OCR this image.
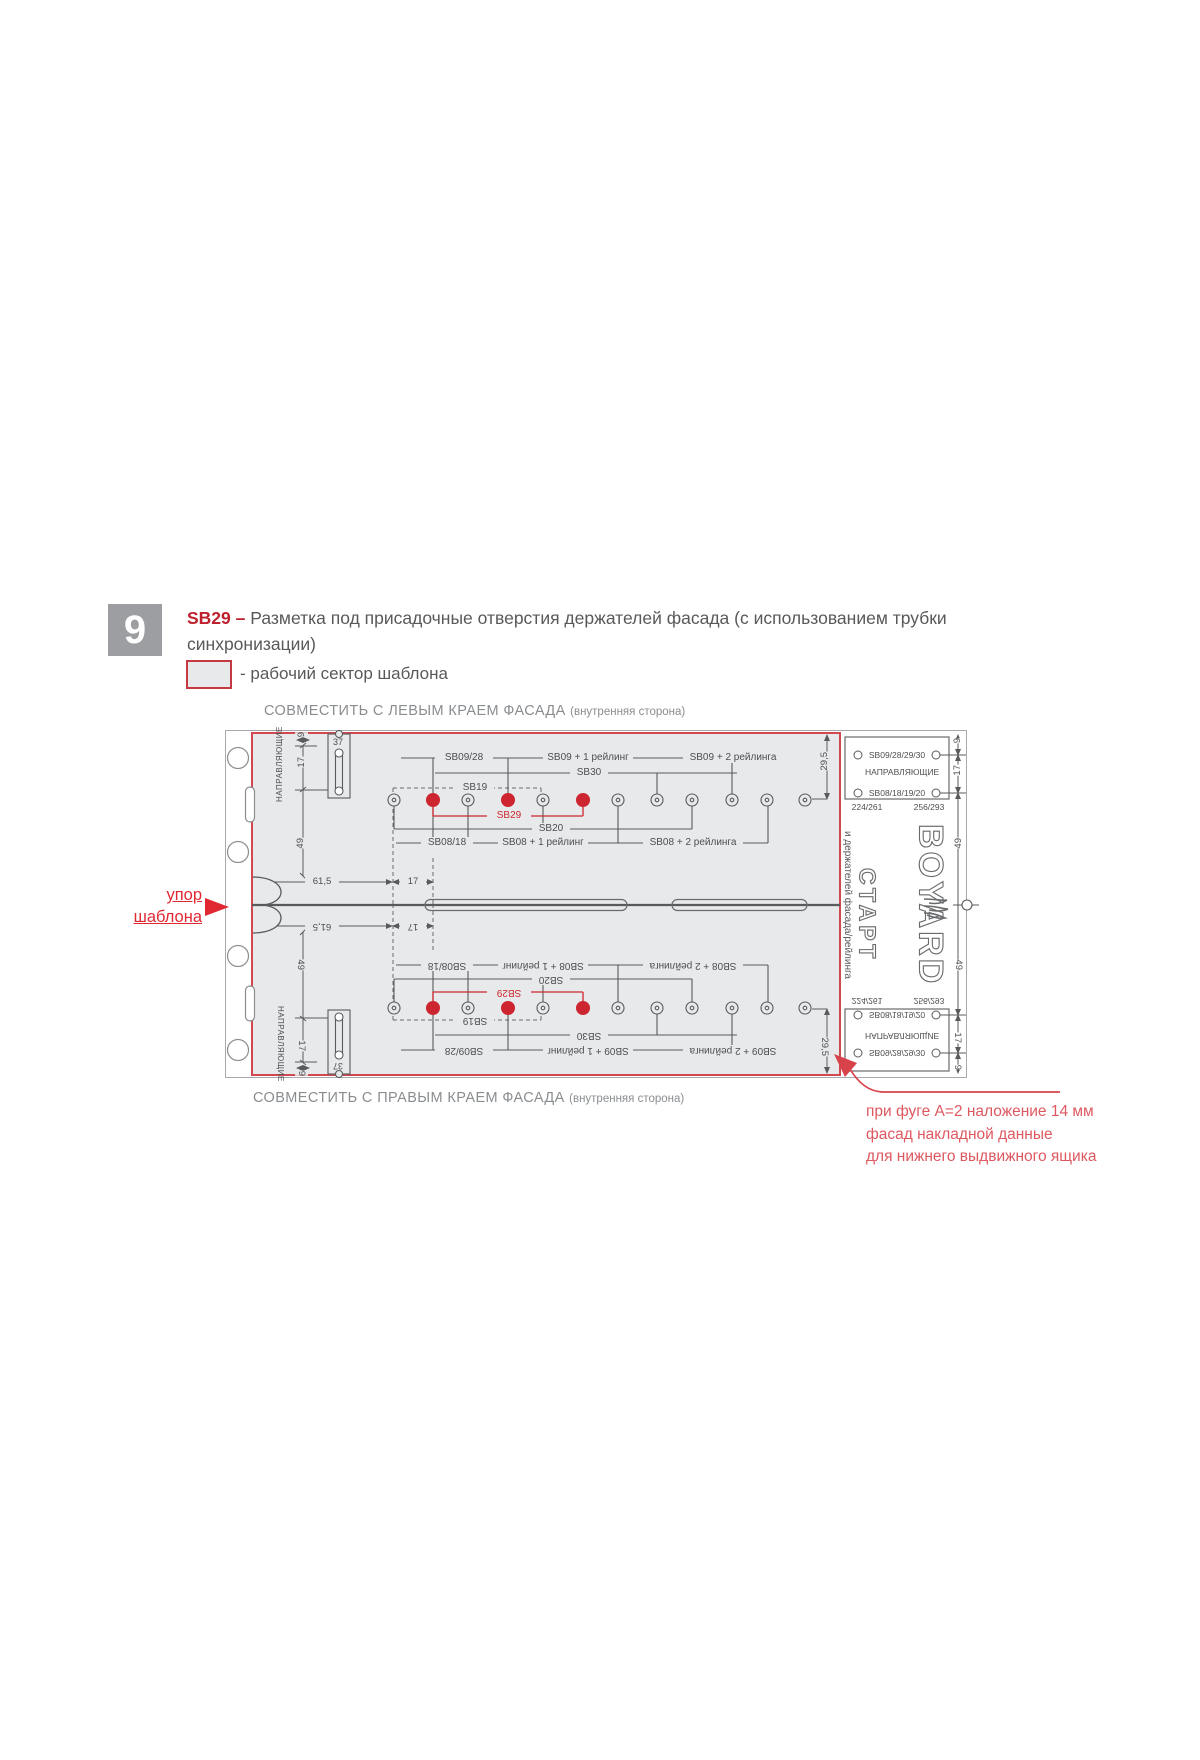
9	SB29 – Разметка под присадочные отверстия держателей фасада (с использованием трубки
синхронизации)
- рабочий сектор шаблона
СОВМЕСТИТЬ С ЛЕВЫМ КРАЕМ ФАСАДА (внутренняя сторона)
СОВМЕСТИТЬ С ПРАВЫМ КРАЕМ ФАСАДА (внутренняя сторона)
SB09/28	SB09 + 1 рейлинг	SB09 + 2 рейлинга
SB30
SB19
SB29
SB20
SB08/18	SB08 + 1 рейлинг	SB08 + 2 рейлинга
НАПРАВЛЯЮЩИЕ	9
17
49
37
61,5	17
29,5	SB09/28/29/30
НАПРАВЛЯЮЩИЕ
SB08/18/19/20
224/261	256/293
9
17
49
SB09/28	SB09 + 1 рейлинг	SB09 + 2 рейлинга
SB30
SB19
SB29
SB20
SB08/18	SB08 + 1 рейлинг	SB08 + 2 рейлинга
НАПРАВЛЯЮЩИЕ 9
17
49
37
61,5	17
29,5	SB09/28/29/30
НАПРАВЛЯЮЩИЕ
SB08/18/19/20
224/261	256/293
9
17
49
и держателей фасада/рейлинга СТАРТ BOYARD
упор
шаблона
при фуге А=2 наложение 14 мм
фасад накладной данные
для нижнего выдвижного ящика
